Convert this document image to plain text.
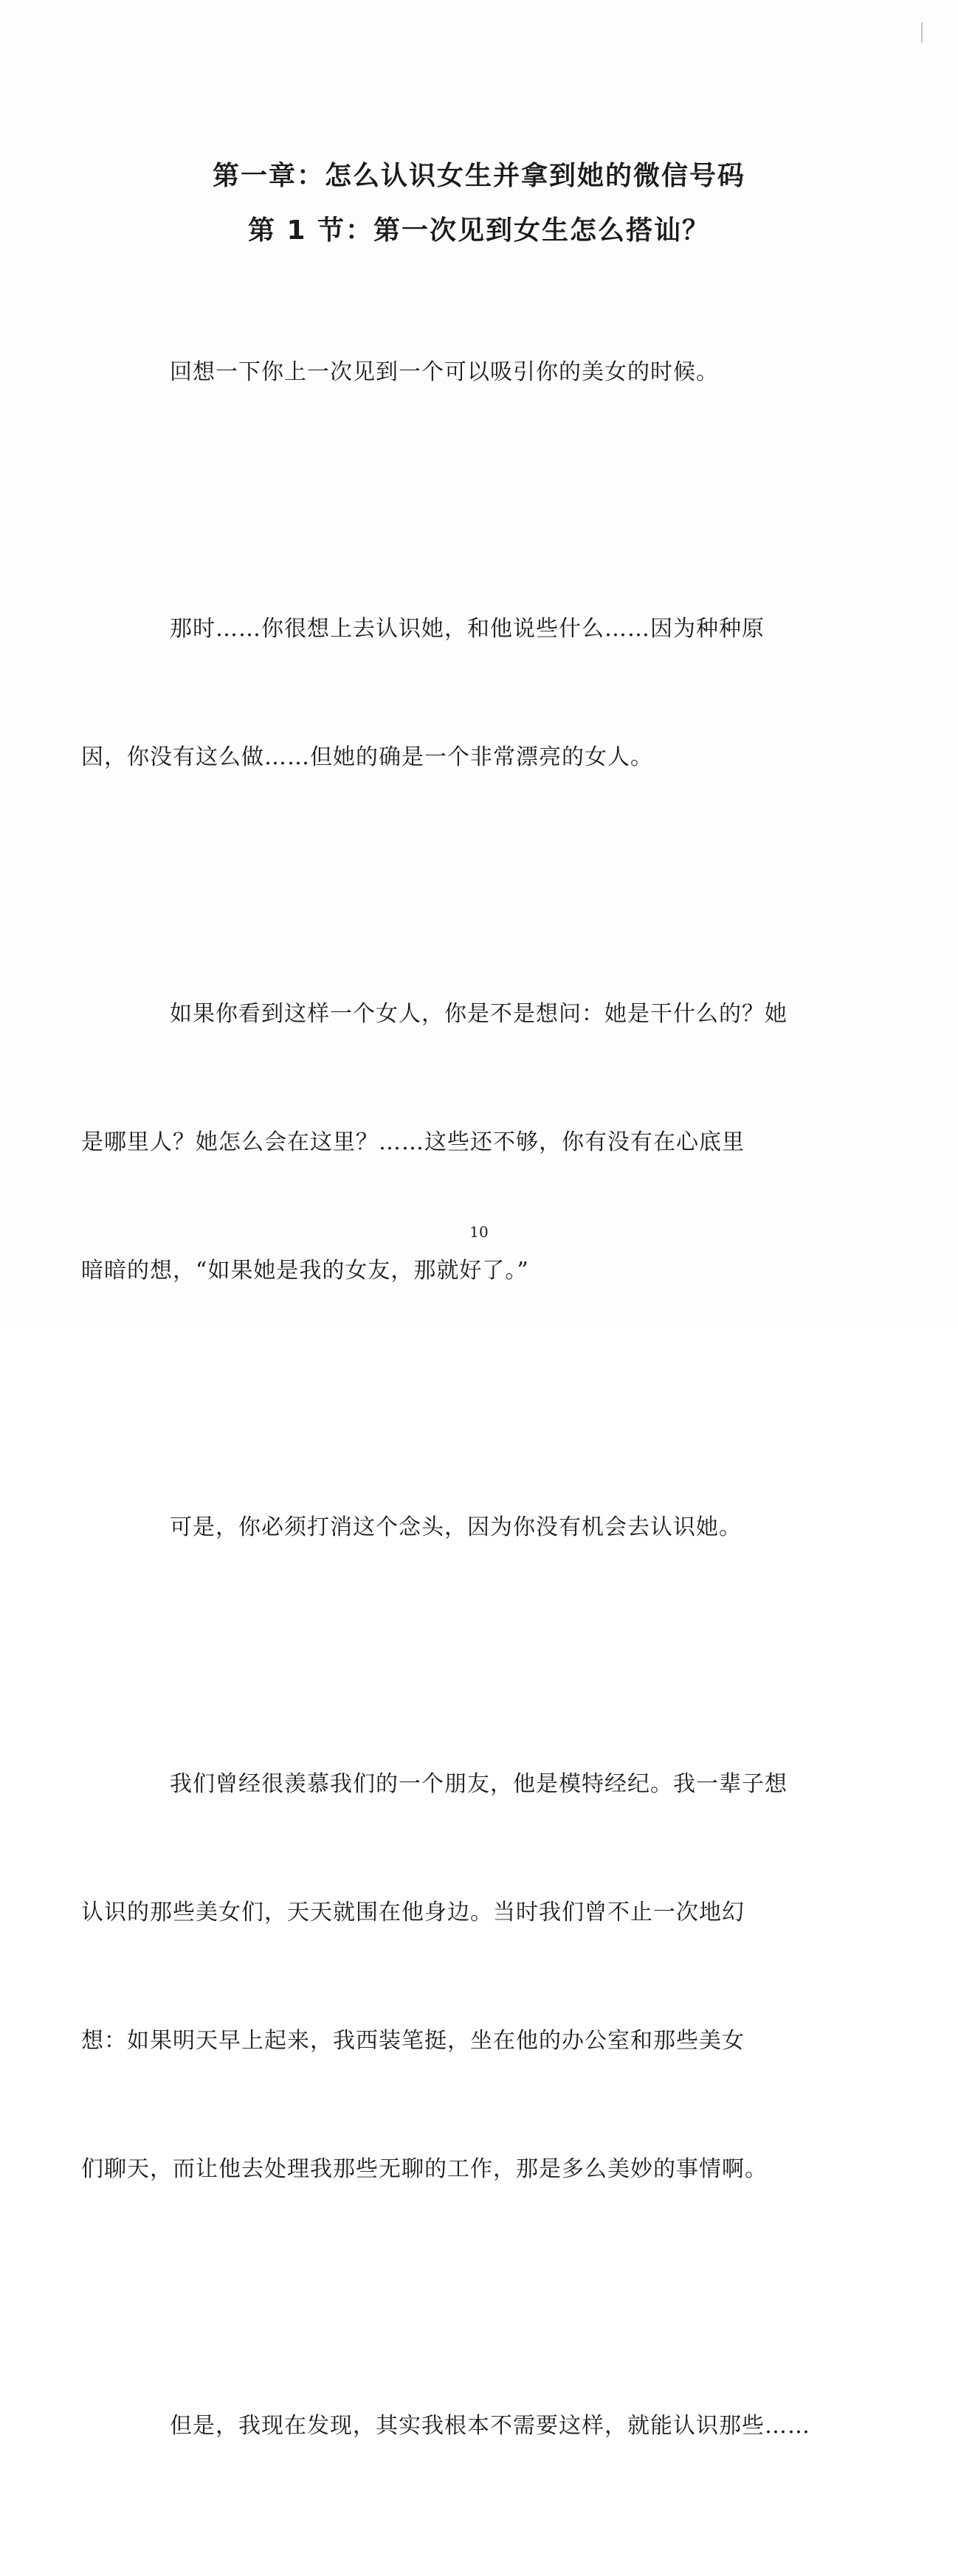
第一章：怎么认识女生并拿到她的微信号码
第 1 节：第一次见到女生怎么搭讪？

回想一下你上一次见到一个可以吸引你的美女的时候。

那时……你很想上去认识她，和他说些什么……因为种种原

因，你没有这么做……但她的确是一个非常漂亮的女人。

如果你看到这样一个女人，你是不是想问：她是干什么的？她

是哪里人？她怎么会在这里？……这些还不够，你有没有在心底里

暗暗的想，“如果她是我的女友，那就好了。”

可是，你必须打消这个念头，因为你没有机会去认识她。

我们曾经很羡慕我们的一个朋友，他是模特经纪。我一辈子想

认识的那些美女们，天天就围在他身边。当时我们曾不止一次地幻

想：如果明天早上起来，我西装笔挺，坐在他的办公室和那些美女

们聊天，而让他去处理我那些无聊的工作，那是多么美妙的事情啊。

但是，我现在发现，其实我根本不需要这样，就能认识那些……

10
